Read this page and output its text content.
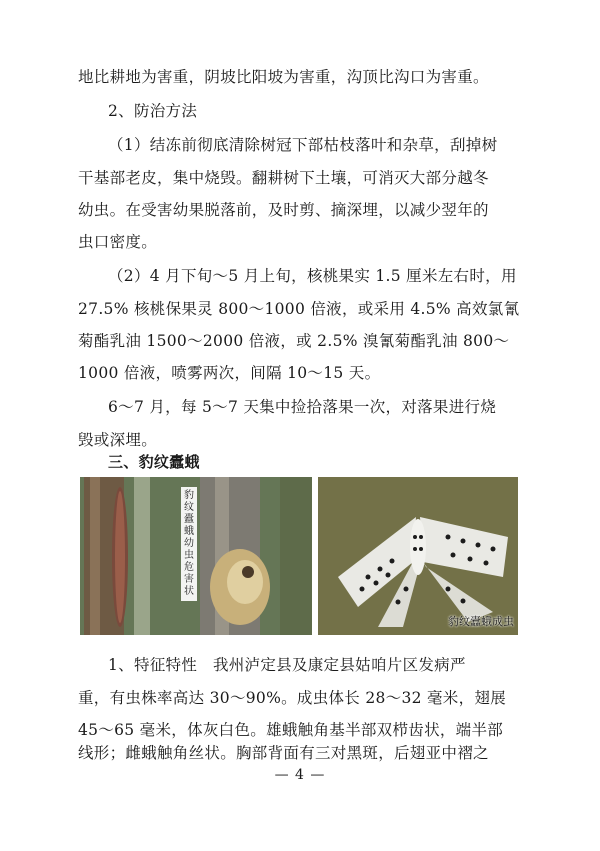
地比耕地为害重，阴坡比阳坡为害重，沟顶比沟口为害重。
2、防治方法
（1）结冻前彻底清除树冠下部枯枝落叶和杂草，刮掉树
干基部老皮，集中烧毁。翻耕树下土壤，可消灭大部分越冬
幼虫。在受害幼果脱落前，及时剪、摘深埋，以减少翌年的
虫口密度。
（2）4 月下旬～5 月上旬，核桃果实 1.5 厘米左右时，用
27.5% 核桃保果灵 800～1000 倍液，或采用 4.5% 高效氯氰
菊酯乳油 1500～2000 倍液，或 2.5% 溴氰菊酯乳油 800～
1000 倍液，喷雾两次，间隔 10～15 天。
6～7 月，每 5～7 天集中捡拾落果一次，对落果进行烧
毁或深埋。
三、豹纹蠹蛾
豹纹蠹蛾幼虫危害状
豹纹蠹蛾成虫
1、特征特性　我州泸定县及康定县姑咱片区发病严
重，有虫株率高达 30～90%。成虫体长 28～32 毫米，翅展
45～65 毫米，体灰白色。雄蛾触角基半部双栉齿状，端半部
线形；雌蛾触角丝状。胸部背面有三对黑斑，后翅亚中褶之
— 4 —
